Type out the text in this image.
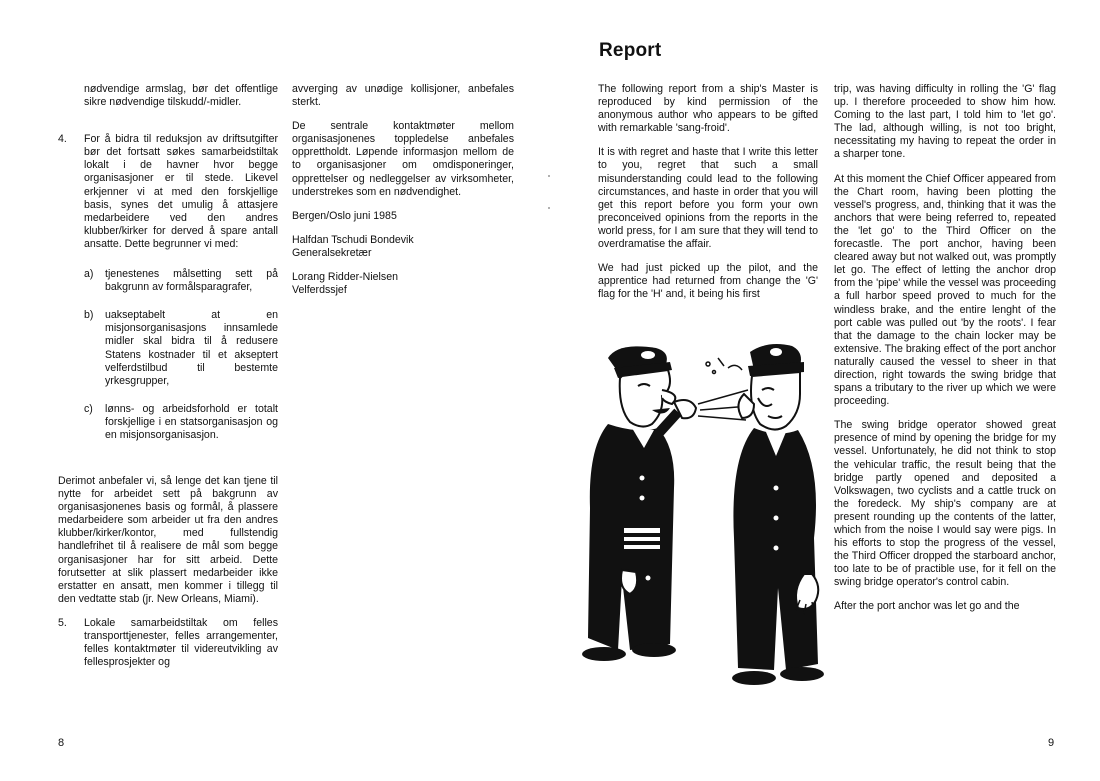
nødvendige armslag, bør det offentlige sikre nødvendige tilskudd/-midler.

4. For å bidra til reduksjon av driftsutgifter bør det fortsatt søkes samarbeidstiltak lokalt i de havner hvor begge organisasjoner er til stede. Likevel erkjenner vi at med den forskjellige basis, synes det umulig å attasjere medarbeidere ved den andres klubber/kirker for derved å spare antall ansatte. Dette begrunner vi med:
a) tjenestenes målsetting sett på bakgrunn av formålsparagrafer,
b) uakseptabelt at en misjonsorganisasjons innsamlede midler skal bidra til å redusere Statens kostnader til et akseptert velferdstilbud til bestemte yrkesgrupper,
c) lønns- og arbeidsforhold er totalt forskjellige i en statsorganisasjon og en misjonsorganisasjon.

Derimot anbefaler vi, så lenge det kan tjene til nytte for arbeidet sett på bakgrunn av organisasjonenes basis og formål, å plassere medarbeidere som arbeider ut fra den andres klubber/kirker/kontor, med fullstendig handlefrihet til å realisere de mål som begge organisasjoner har for sitt arbeid. Dette forutsetter at slik plassert medarbeider ikke erstatter en ansatt, men kommer i tillegg til den vedtatte stab (jr. New Orleans, Miami).

5. Lokale samarbeidstiltak om felles transporttjenester, felles arrangementer, felles kontaktmøter til videreutvikling av fellesprosjekter og

avverging av unødige kollisjoner, anbefales sterkt.

De sentrale kontaktmøter mellom organisasjonenes toppledelse anbefales opprettholdt. Løpende informasjon mellom de to organisasjoner om omdisponeringer, opprettelser og nedleggelser av virksomheter, understrekes som en nødvendighet.

Bergen/Oslo juni 1985

Halfdan Tschudi Bondevik
Generalsekretær

Lorang Ridder-Nielsen
Velferdssjef

8
Report

The following report from a ship's Master is reproduced by kind permission of the anonymous author who appears to be gifted with remarkable 'sang-froid'.

It is with regret and haste that I write this letter to you, regret that such a small misunderstanding could lead to the following circumstances, and haste in order that you will get this report before you form your own preconceived opinions from the reports in the world press, for I am sure that they will tend to overdramatise the affair.

We had just picked up the pilot, and the apprentice had returned from change the 'G' flag for the 'H' and, it being his first

trip, was having difficulty in rolling the 'G' flag up. I therefore proceeded to show him how. Coming to the last part, I told him to 'let go'. The lad, although willing, is not too bright, necessitating my having to repeat the order in a sharper tone.

At this moment the Chief Officer appeared from the Chart room, having been plotting the vessel's progress, and, thinking that it was the anchors that were being referred to, repeated the 'let go' to the Third Officer on the forecastle. The port anchor, having been cleared away but not walked out, was promptly let go. The effect of letting the anchor drop from the 'pipe' while the vessel was proceeding a full harbor speed proved to much for the windless brake, and the entire lenght of the port cable was pulled out 'by the roots'. I fear that the damage to the chain locker may be extensive. The braking effect of the port anchor naturally caused the vessel to sheer in that direction, right towards the swing bridge that spans a tributary to the river up which we were proceeding.

The swing bridge operator showed great presence of mind by opening the bridge for my vessel. Unfortunately, he did not think to stop the vehicular traffic, the result being that the bridge partly opened and deposited a Volkswagen, two cyclists and a cattle truck on the foredeck. My ship's company are at present rounding up the contents of the latter, which from the noise I would say were pigs. In his efforts to stop the progress of the vessel, the Third Officer dropped the starboard anchor, too late to be of practible use, for it fell on the swing bridge operator's control cabin.

After the port anchor was let go and the

9
